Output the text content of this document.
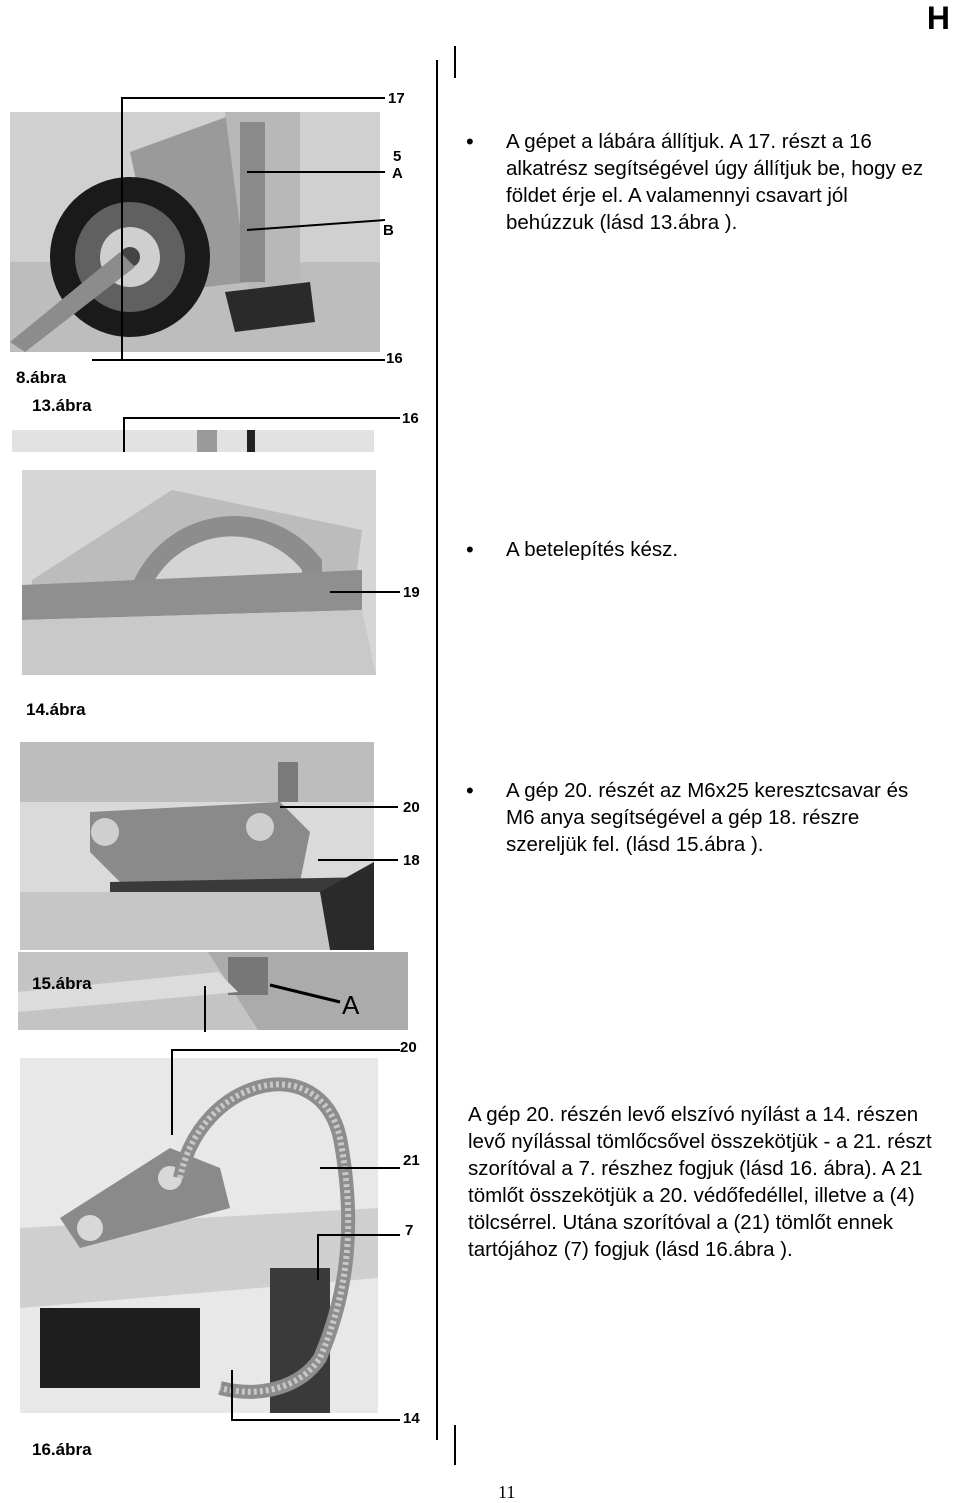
H
17
5
A
B
16
8.ábra
13.ábra
16
19
14.ábra
20
18
A
15.ábra
20
21
7
14
16.ábra
•	A gépet a lábára állítjuk. A 17. részt a 16 alkatrész segítségével úgy állítjuk be, hogy ez földet érje el. A valamennyi csavart jól behúzzuk (lásd 13.ábra ).
•	A betelepítés kész.
•	A gép 20. részét az M6x25 keresztcsavar és M6 anya segítségével a gép 18. részre szereljük fel. (lásd 15.ábra ).
A gép 20. részén levő elszívó nyílást a 14. részen levő nyílással tömlőcsővel összekötjük - a 21. részt szorítóval a 7. részhez fogjuk (lásd 16. ábra). A 21 tömlőt összekötjük a 20. védőfedéllel, illetve a (4) tölcsérrel. Utána szorítóval a (21) tömlőt ennek tartójához (7) fogjuk (lásd 16.ábra ).
11
